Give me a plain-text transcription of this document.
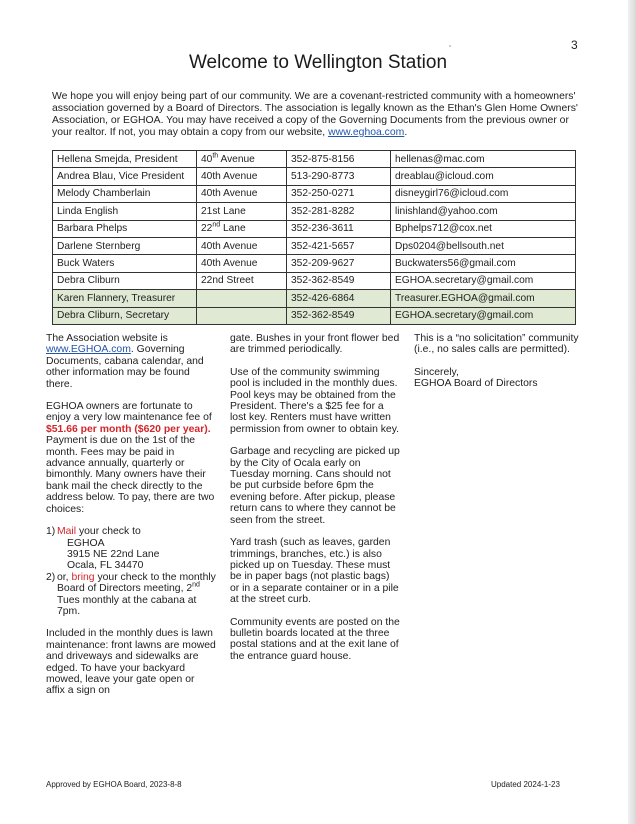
3
Welcome to Wellington Station
We hope you will enjoy being part of our community. We are a covenant-restricted community with a homeowners' association governed by a Board of Directors. The association is legally known as the Ethan's Glen Home Owners' Association, or EGHOA. You may have received a copy of the Governing Documents from the previous owner or your realtor. If not, you may obtain a copy from our website, www.eghoa.com.
Hellena Smejda, President	40th Avenue	352-875-8156	hellenas@mac.com
Andrea Blau, Vice President	40th Avenue	513-290-8773	dreablau@icloud.com
Melody Chamberlain	40th Avenue	352-250-0271	disneygirl76@icloud.com
Linda English	21st Lane	352-281-8282	linishland@yahoo.com
Barbara Phelps	22nd Lane	352-236-3611	Bphelps712@cox.net
Darlene Sternberg	40th Avenue	352-421-5657	Dps0204@bellsouth.net
Buck Waters	40th Avenue	352-209-9627	Buckwaters56@gmail.com
Debra Cliburn	22nd Street	352-362-8549	EGHOA.secretary@gmail.com
Karen Flannery, Treasurer		352-426-6864	Treasurer.EGHOA@gmail.com
Debra Cliburn, Secretary		352-362-8549	EGHOA.secretary@gmail.com

The Association website is www.EGHOA.com. Governing Documents, cabana calendar, and other information may be found there.

EGHOA owners are fortunate to enjoy a very low maintenance fee of $51.66 per month ($620 per year). Payment is due on the 1st of the month. Fees may be paid in advance annually, quarterly or bimonthly. Many owners have their bank mail the check directly to the address below. To pay, there are two choices:

1) Mail your check to
EGHOA
3915 NE 22nd Lane
Ocala, FL 34470
2) or, bring your check to the monthly Board of Directors meeting, 2nd Tues monthly at the cabana at 7pm.

Included in the monthly dues is lawn maintenance: front lawns are mowed and driveways and sidewalks are edged. To have your backyard mowed, leave your gate open or affix a sign on

gate. Bushes in your front flower bed are trimmed periodically.

Use of the community swimming pool is included in the monthly dues. Pool keys may be obtained from the President. There's a $25 fee for a lost key. Renters must have written permission from owner to obtain key.

Garbage and recycling are picked up by the City of Ocala early on Tuesday morning. Cans should not be put curbside before 6pm the evening before. After pickup, please return cans to where they cannot be seen from the street.

Yard trash (such as leaves, garden trimmings, branches, etc.) is also picked up on Tuesday. These must be in paper bags (not plastic bags) or in a separate container or in a pile at the street curb.

Community events are posted on the bulletin boards located at the three postal stations and at the exit lane of the entrance guard house.

This is a “no solicitation” community (i.e., no sales calls are permitted).

Sincerely,
EGHOA Board of Directors
Approved by EGHOA Board, 2023-8-8	Updated 2024-1-23
